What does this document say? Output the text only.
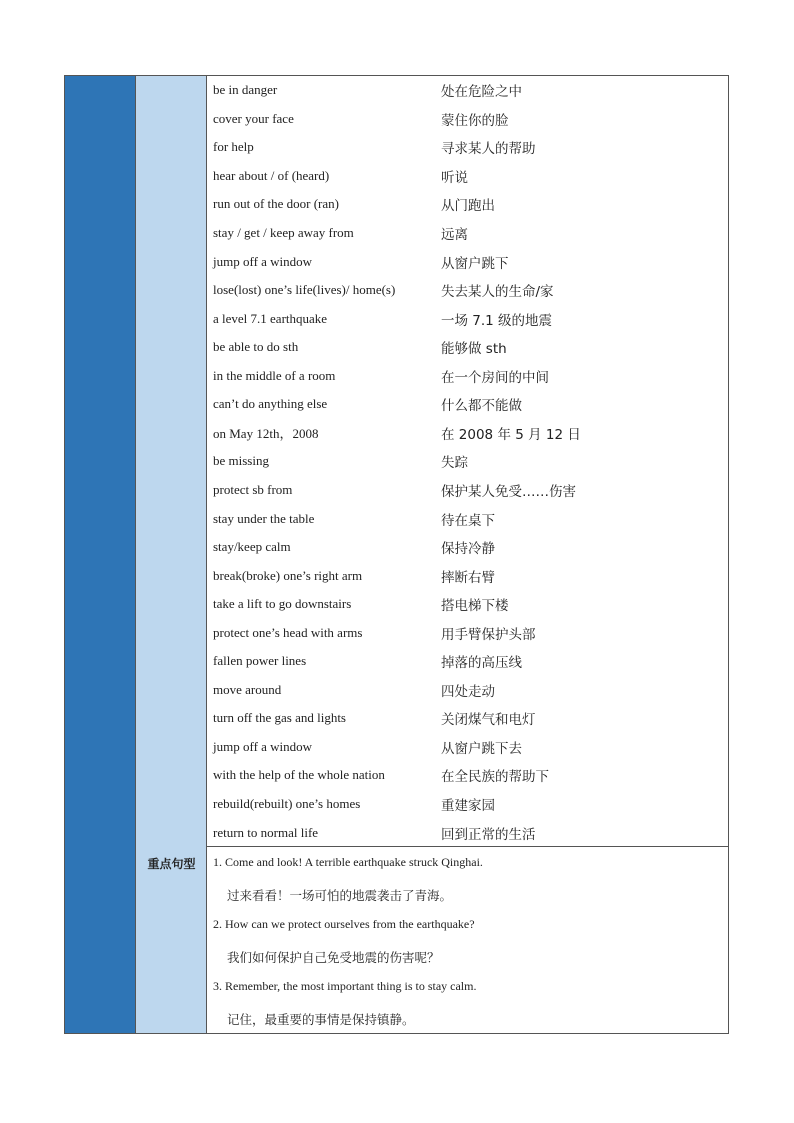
重点句型
be in danger	处在危险之中
cover your face	蒙住你的脸
for help	寻求某人的帮助
hear about / of (heard)	听说
run out of the door (ran)	从门跑出
stay / get / keep away from	远离
jump off a window	从窗户跳下
lose(lost) one’s life(lives)/ home(s)	失去某人的生命/家
a level 7.1 earthquake	一场 7.1 级的地震
be able to do sth	能够做 sth
in the middle of a room	在一个房间的中间
can’t do anything else	什么都不能做
on May 12th，2008	在 2008 年 5 月 12 日
be missing	失踪
protect sb from	保护某人免受……伤害
stay under the table	待在桌下
stay/keep calm	保持冷静
break(broke) one’s right arm	摔断右臂
take a lift to go downstairs	搭电梯下楼
protect one’s head with arms	用手臂保护头部
fallen power lines	掉落的高压线
move around	四处走动
turn off the gas and lights	关闭煤气和电灯
jump off a window	从窗户跳下去
with the help of the whole nation	在全民族的帮助下
rebuild(rebuilt) one’s homes	重建家园
return to normal life	回到正常的生活
1. Come and look! A terrible earthquake struck Qinghai.
过来看看！一场可怕的地震袭击了青海。
2. How can we protect ourselves from the earthquake?
我们如何保护自己免受地震的伤害呢？
3. Remember, the most important thing is to stay calm.
记住，最重要的事情是保持镇静。
